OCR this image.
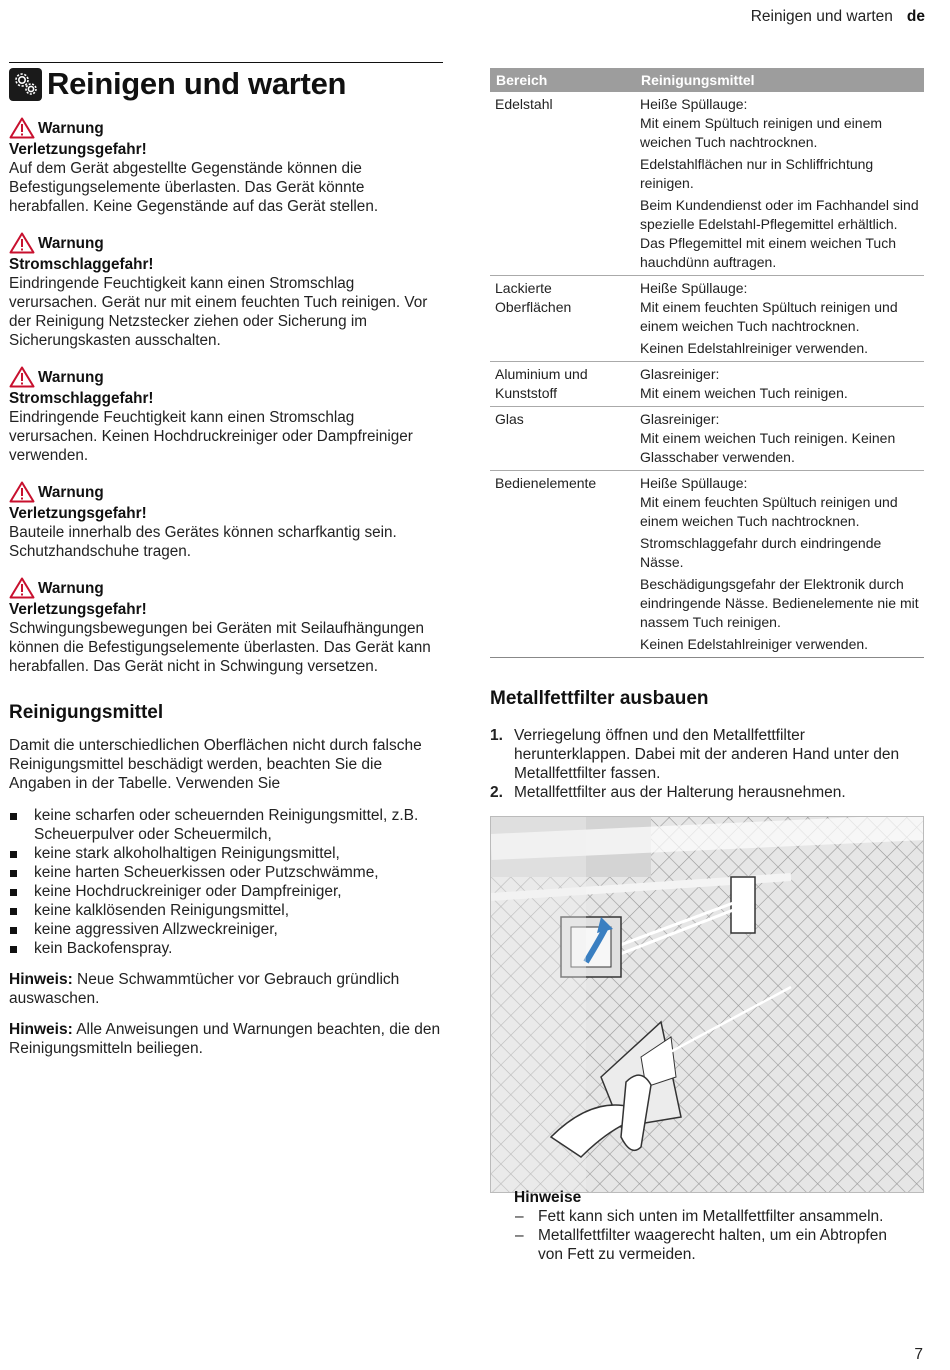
Reinigen und warten de
Reinigen und warten
Warnung
Verletzungsgefahr!
Auf dem Gerät abgestellte Gegenstände können die Befestigungselemente überlasten. Das Gerät könnte herabfallen. Keine Gegenstände auf das Gerät stellen.
Warnung
Stromschlaggefahr!
Eindringende Feuchtigkeit kann einen Stromschlag verursachen. Gerät nur mit einem feuchten Tuch reinigen. Vor der Reinigung Netzstecker ziehen oder Sicherung im Sicherungskasten ausschalten.
Warnung
Stromschlaggefahr!
Eindringende Feuchtigkeit kann einen Stromschlag verursachen. Keinen Hochdruckreiniger oder Dampfreiniger verwenden.
Warnung
Verletzungsgefahr!
Bauteile innerhalb des Gerätes können scharfkantig sein. Schutzhandschuhe tragen.
Warnung
Verletzungsgefahr!
Schwingungsbewegungen bei Geräten mit Seilaufhängungen können die Befestigungselemente überlasten. Das Gerät kann herabfallen. Das Gerät nicht in Schwingung versetzen.
Reinigungsmittel

Damit die unterschiedlichen Oberflächen nicht durch falsche Reinigungsmittel beschädigt werden, beachten Sie die Angaben in der Tabelle. Verwenden Sie

keine scharfen oder scheuernden Reinigungsmittel, z.B. Scheuerpulver oder Scheuermilch,
keine stark alkoholhaltigen Reinigungsmittel,
keine harten Scheuerkissen oder Putzschwämme,
keine Hochdruckreiniger oder Dampfreiniger,
keine kalklösenden Reinigungsmittel,
keine aggressiven Allzweckreiniger,
kein Backofenspray.

Hinweis: Neue Schwammtücher vor Gebrauch gründlich auswaschen.

Hinweis: Alle Anweisungen und Warnungen beachten, die den Reinigungsmitteln beiliegen.

Bereich	Reinigungsmittel
Edelstahl	Heiße Spüllauge:
Mit einem Spültuch reinigen und einem weichen Tuch nachtrocknen.
Edelstahlflächen nur in Schliffrichtung reinigen.
Beim Kundendienst oder im Fachhandel sind spezielle Edelstahl-Pflegemittel erhältlich. Das Pflegemittel mit einem weichen Tuch hauchdünn auftragen.

Lackierte Oberflächen	Heiße Spüllauge:
Mit einem feuchten Spültuch reinigen und einem weichen Tuch nachtrocknen.
Keinen Edelstahlreiniger verwenden.

Aluminium und Kunststoff	Glasreiniger:
Mit einem weichen Tuch reinigen.

Glas	Glasreiniger:
Mit einem weichen Tuch reinigen. Keinen Glasschaber verwenden.

Bedienelemente	Heiße Spüllauge:
Mit einem feuchten Spültuch reinigen und einem weichen Tuch nachtrocknen.
Stromschlaggefahr durch eindringende Nässe.
Beschädigungsgefahr der Elektronik durch eindringende Nässe. Bedienelemente nie mit nassem Tuch reinigen.
Keinen Edelstahlreiniger verwenden.
Metallfettfilter ausbauen
1. Verriegelung öffnen und den Metallfettfilter herunterklappen. Dabei mit der anderen Hand unter den Metallfettfilter fassen.
2. Metallfettfilter aus der Halterung herausnehmen.
Hinweise
– Fett kann sich unten im Metallfettfilter ansammeln.
– Metallfettfilter waagerecht halten, um ein Abtropfen von Fett zu vermeiden.
7
